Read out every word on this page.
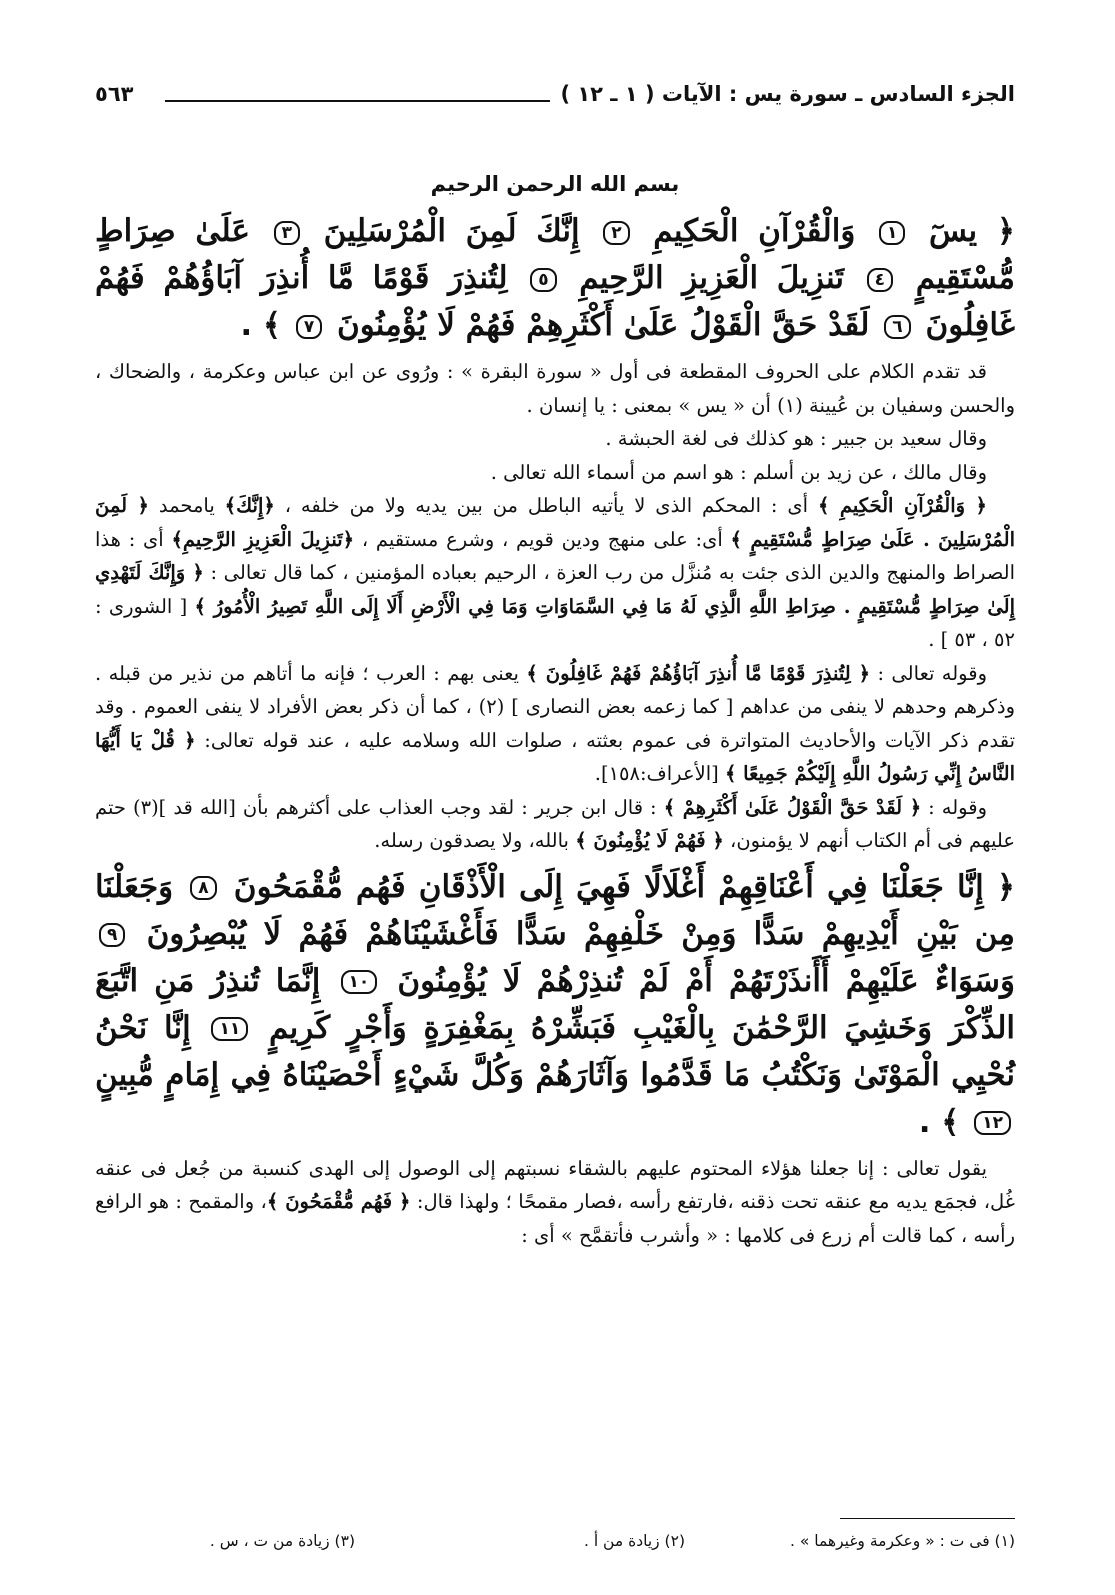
الجزء السادس ـ سورة يس : الآيات ( ١ ـ ١٢ )
٥٦٣
بسم الله الرحمن الرحيم

﴿ يسٓ ١ وَالْقُرْآنِ الْحَكِيمِ ٢ إِنَّكَ لَمِنَ الْمُرْسَلِينَ ٣ عَلَىٰ صِرَاطٍ مُّسْتَقِيمٍ ٤ تَنزِيلَ الْعَزِيزِ الرَّحِيمِ ٥ لِتُنذِرَ قَوْمًا مَّا أُنذِرَ آبَاؤُهُمْ فَهُمْ غَافِلُونَ ٦ لَقَدْ حَقَّ الْقَوْلُ عَلَىٰ أَكْثَرِهِمْ فَهُمْ لَا يُؤْمِنُونَ ٧ ﴾ .

قد تقدم الكلام على الحروف المقطعة فى أول « سورة البقرة » : ورُوى عن ابن عباس وعكرمة ، والضحاك ، والحسن وسفيان بن عُيينة (١) أن « يس » بمعنى : يا إنسان .

وقال سعيد بن جبير : هو كذلك فى لغة الحبشة .

وقال مالك ، عن زيد بن أسلم : هو اسم من أسماء الله تعالى .

﴿ وَالْقُرْآنِ الْحَكِيمِ ﴾ أى : المحكم الذى لا يأتيه الباطل من بين يديه ولا من خلفه ، ﴿إِنَّكَ﴾ يامحمد ﴿ لَمِنَ الْمُرْسَلِينَ . عَلَىٰ صِرَاطٍ مُّسْتَقِيمٍ ﴾ أى: على منهج ودين قويم ، وشرع مستقيم ، ﴿تَنزِيلَ الْعَزِيزِ الرَّحِيمِ﴾ أى : هذا الصراط والمنهج والدين الذى جئت به مُنزَّل من رب العزة ، الرحيم بعباده المؤمنين ، كما قال تعالى : ﴿ وَإِنَّكَ لَتَهْدِي إِلَىٰ صِرَاطٍ مُّسْتَقِيمٍ . صِرَاطِ اللَّهِ الَّذِي لَهُ مَا فِي السَّمَاوَاتِ وَمَا فِي الْأَرْضِ أَلَا إِلَى اللَّهِ تَصِيرُ الْأُمُورُ ﴾ [ الشورى : ٥٢ ، ٥٣ ] .

وقوله تعالى : ﴿ لِتُنذِرَ قَوْمًا مَّا أُنذِرَ آبَاؤُهُمْ فَهُمْ غَافِلُونَ ﴾ يعنى بهم : العرب ؛ فإنه ما أتاهم من نذير من قبله . وذكرهم وحدهم لا ينفى من عداهم [ كما زعمه بعض النصارى ] (٢) ، كما أن ذكر بعض الأفراد لا ينفى العموم . وقد تقدم ذكر الآيات والأحاديث المتواترة فى عموم بعثته ، صلوات الله وسلامه عليه ، عند قوله تعالى: ﴿ قُلْ يَا أَيُّهَا النَّاسُ إِنِّي رَسُولُ اللَّهِ إِلَيْكُمْ جَمِيعًا ﴾ [الأعراف:١٥٨].

وقوله : ﴿ لَقَدْ حَقَّ الْقَوْلُ عَلَىٰ أَكْثَرِهِمْ ﴾ : قال ابن جرير : لقد وجب العذاب على أكثرهم بأن [الله قد ](٣) حتم عليهم فى أم الكتاب أنهم لا يؤمنون، ﴿ فَهُمْ لَا يُؤْمِنُونَ ﴾ بالله، ولا يصدقون رسله.

﴿ إِنَّا جَعَلْنَا فِي أَعْنَاقِهِمْ أَغْلَالًا فَهِيَ إِلَى الْأَذْقَانِ فَهُم مُّقْمَحُونَ ٨ وَجَعَلْنَا مِن بَيْنِ أَيْدِيهِمْ سَدًّا وَمِنْ خَلْفِهِمْ سَدًّا فَأَغْشَيْنَاهُمْ فَهُمْ لَا يُبْصِرُونَ ٩ وَسَوَاءٌ عَلَيْهِمْ أَأَنذَرْتَهُمْ أَمْ لَمْ تُنذِرْهُمْ لَا يُؤْمِنُونَ ١٠ إِنَّمَا تُنذِرُ مَنِ اتَّبَعَ الذِّكْرَ وَخَشِيَ الرَّحْمَٰنَ بِالْغَيْبِ فَبَشِّرْهُ بِمَغْفِرَةٍ وَأَجْرٍ كَرِيمٍ ١١ إِنَّا نَحْنُ نُحْيِي الْمَوْتَىٰ وَنَكْتُبُ مَا قَدَّمُوا وَآثَارَهُمْ وَكُلَّ شَيْءٍ أَحْصَيْنَاهُ فِي إِمَامٍ مُّبِينٍ ١٢ ﴾ .

يقول تعالى : إنا جعلنا هؤلاء المحتوم عليهم بالشقاء نسبتهم إلى الوصول إلى الهدى كنسبة من جُعل فى عنقه غُل، فجمَع يديه مع عنقه تحت ذقنه ،فارتفع رأسه ،فصار مقمحًا ؛ ولهذا قال: ﴿ فَهُم مُّقْمَحُونَ ﴾، والمقمح : هو الرافع رأسه ، كما قالت أم زرع فى كلامها : « وأشرب فأتقمَّح » أى :

(١) فى ت : « وعكرمة وغيرهما » .
(٢) زيادة من أ .
(٣) زيادة من ت ، س .
